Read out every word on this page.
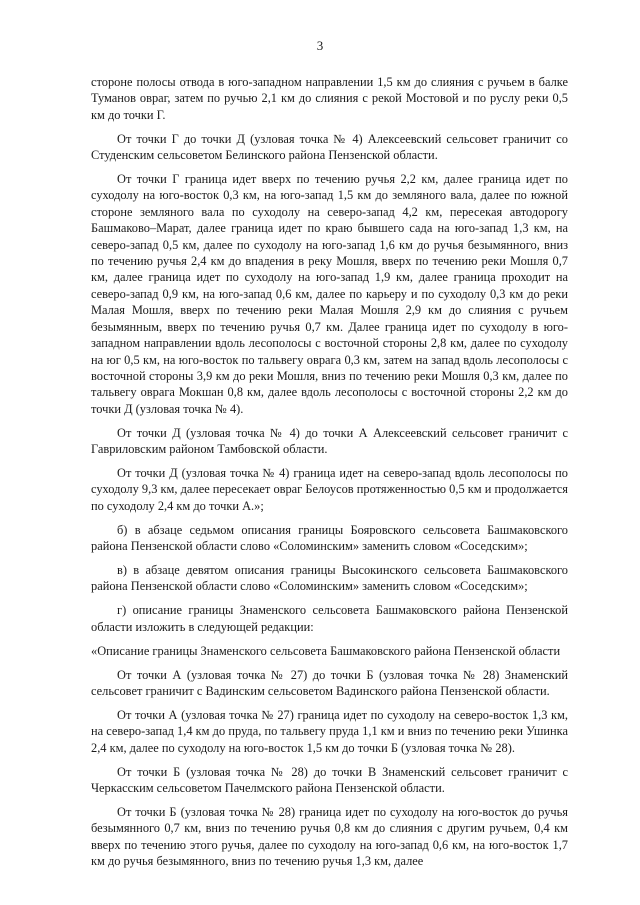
3

стороне полосы отвода в юго-западном направлении 1,5 км до слияния с ручьем в балке Туманов овраг, затем по ручью 2,1 км до слияния с рекой Мостовой и по руслу реки 0,5 км до точки Г.

От точки Г до точки Д (узловая точка № 4) Алексеевский сельсовет граничит со Студенским сельсоветом Белинского района Пензенской области.

От точки Г граница идет вверх по течению ручья 2,2 км, далее граница идет по суходолу на юго-восток 0,3 км, на юго-запад 1,5 км до земляного вала, далее по южной стороне земляного вала по суходолу на северо-запад 4,2 км, пересекая автодорогу Башмаково–Марат, далее граница идет по краю бывшего сада на юго-запад 1,3 км, на северо-запад 0,5 км, далее по суходолу на юго-запад 1,6 км до ручья безымянного, вниз по течению ручья 2,4 км до впадения в реку Мошля, вверх по течению реки Мошля 0,7 км, далее граница идет по суходолу на юго-запад 1,9 км, далее граница проходит на северо-запад 0,9 км, на юго-запад 0,6 км, далее по карьеру и по суходолу 0,3 км до реки Малая Мошля, вверх по течению реки Малая Мошля 2,9 км до слияния с ручьем безымянным, вверх по течению ручья 0,7 км. Далее граница идет по суходолу в юго-западном направлении вдоль лесополосы с восточной стороны 2,8 км, далее по суходолу на юг 0,5 км, на юго-восток по тальвегу оврага 0,3 км, затем на запад вдоль лесополосы с восточной стороны 3,9 км до реки Мошля, вниз по течению реки Мошля 0,3 км, далее по тальвегу оврага Мокшан 0,8 км, далее вдоль лесополосы с восточной стороны 2,2 км до точки Д (узловая точка № 4).

От точки Д (узловая точка № 4) до точки А Алексеевский сельсовет граничит с Гавриловским районом Тамбовской области.

От точки Д (узловая точка № 4) граница идет на северо-запад вдоль лесополосы по суходолу 9,3 км, далее пересекает овраг Белоусов протяженностью 0,5 км и продолжается по суходолу 2,4 км до точки А.»;

б) в абзаце седьмом описания границы Бояровского сельсовета Башмаковского района Пензенской области слово «Соломинским» заменить словом «Соседским»;

в) в абзаце девятом описания границы Высокинского сельсовета Башмаковского района Пензенской области слово «Соломинским» заменить словом «Соседским»;

г) описание границы Знаменского сельсовета Башмаковского района Пензенской области изложить в следующей редакции:

«Описание границы Знаменского сельсовета Башмаковского района Пензенской области

От точки А (узловая точка № 27) до точки Б (узловая точка № 28) Знаменский сельсовет граничит с Вадинским сельсоветом Вадинского района Пензенской области.

От точки А (узловая точка № 27) граница идет по суходолу на северо-восток 1,3 км, на северо-запад 1,4 км до пруда, по тальвегу пруда 1,1 км и вниз по течению реки Ушинка 2,4 км, далее по суходолу на юго-восток 1,5 км до точки Б (узловая точка № 28).

От точки Б (узловая точка № 28) до точки В Знаменский сельсовет граничит с Черкасским сельсоветом Пачелмского района Пензенской области.

От точки Б (узловая точка № 28) граница идет по суходолу на юго-восток до ручья безымянного 0,7 км, вниз по течению ручья 0,8 км до слияния с другим ручьем, 0,4 км вверх по течению этого ручья, далее по суходолу на юго-запад 0,6 км, на юго-восток 1,7 км до ручья безымянного, вниз по течению ручья 1,3 км, далее
